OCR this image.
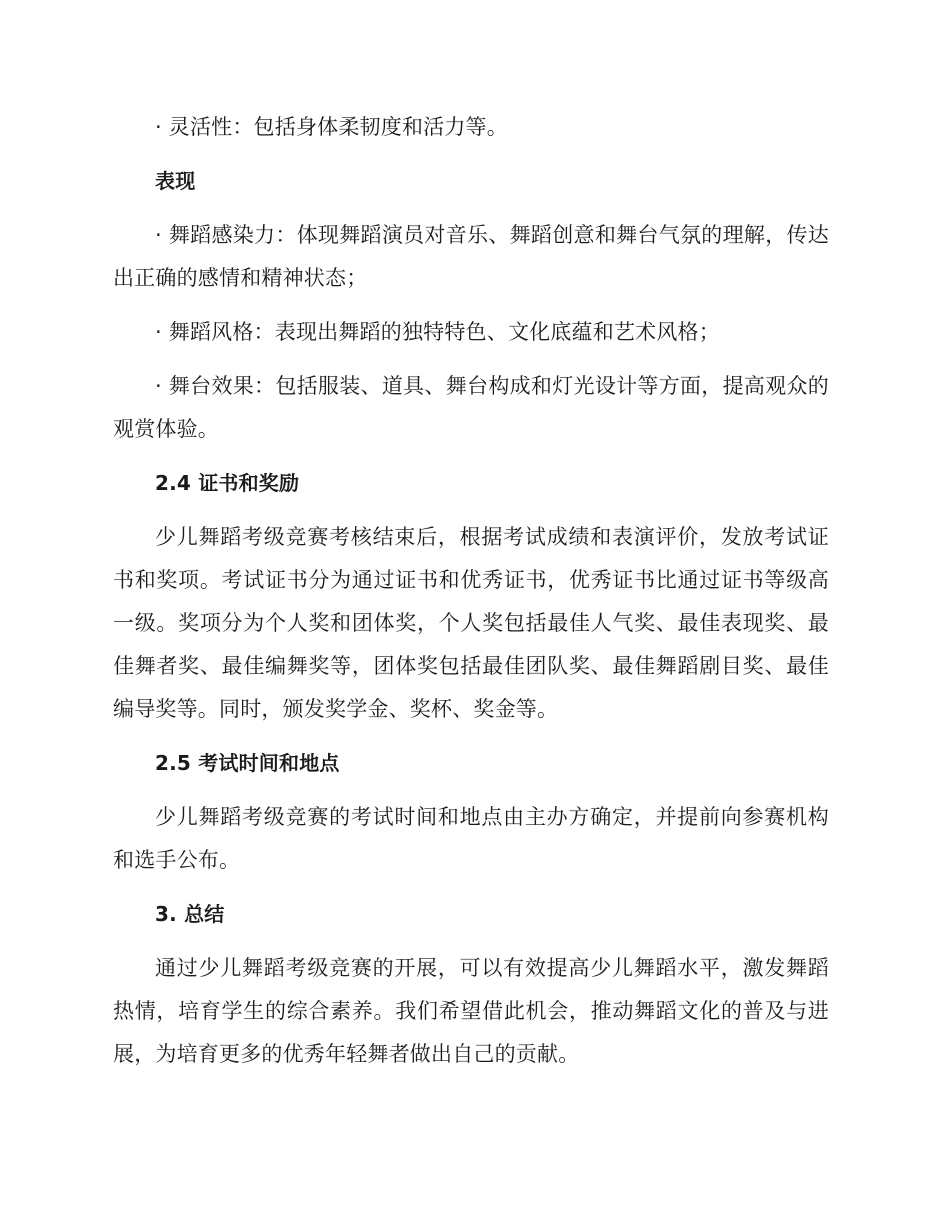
· 灵活性：包括身体柔韧度和活力等。

表现

· 舞蹈感染力：体现舞蹈演员对音乐、舞蹈创意和舞台气氛的理解，传达出正确的感情和精神状态；

· 舞蹈风格：表现出舞蹈的独特特色、文化底蕴和艺术风格；

· 舞台效果：包括服装、道具、舞台构成和灯光设计等方面，提高观众的观赏体验。

2.4 证书和奖励

少儿舞蹈考级竞赛考核结束后，根据考试成绩和表演评价，发放考试证书和奖项。考试证书分为通过证书和优秀证书，优秀证书比通过证书等级高一级。奖项分为个人奖和团体奖，个人奖包括最佳人气奖、最佳表现奖、最佳舞者奖、最佳编舞奖等，团体奖包括最佳团队奖、最佳舞蹈剧目奖、最佳编导奖等。同时，颁发奖学金、奖杯、奖金等。

2.5 考试时间和地点

少儿舞蹈考级竞赛的考试时间和地点由主办方确定，并提前向参赛机构和选手公布。

3. 总结

通过少儿舞蹈考级竞赛的开展，可以有效提高少儿舞蹈水平，激发舞蹈热情，培育学生的综合素养。我们希望借此机会，推动舞蹈文化的普及与进展，为培育更多的优秀年轻舞者做出自己的贡献。
